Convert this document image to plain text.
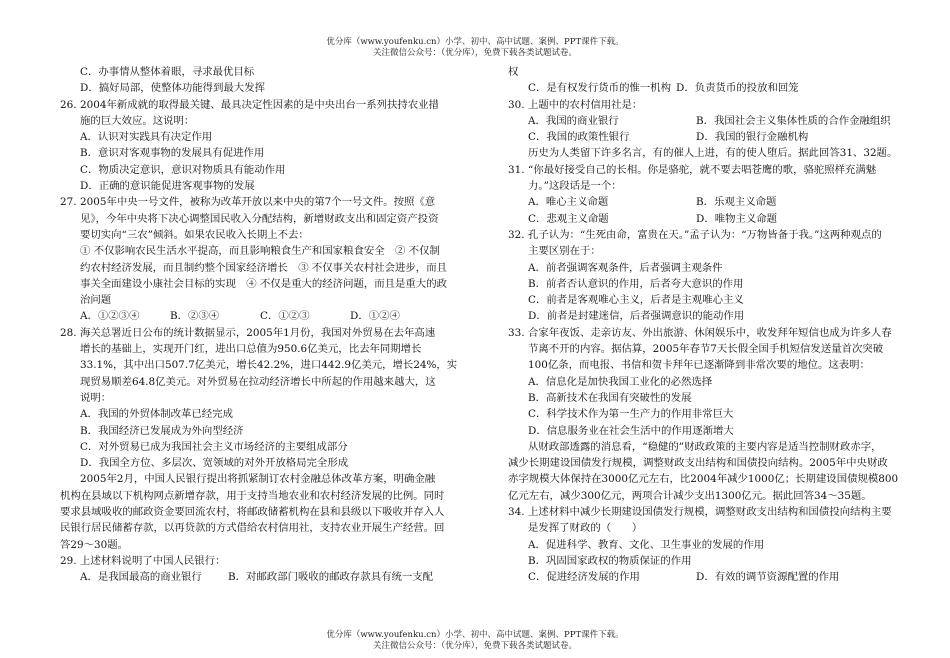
优分库（www.youfenku.cn）小学、初中、高中试题、案例、PPT课件下载。
关注微信公众号：（优分库），免费下载各类试题试卷。
C．办事情从整体着眼，寻求最优目标
D．搞好局部，使整体功能得到最大发挥
26. 2004年新成就的取得最关键、最具决定性因素的是中央出台一系列扶持农业措
施的巨大效应。这说明：
A．认识对实践具有决定作用
B．意识对客观事物的发展具有促进作用
C．物质决定意识，意识对物质具有能动作用
D．正确的意识能促进客观事物的发展
27. 2005年中央一号文件，被称为改革开放以来中央的第7个一号文件。按照《意
见》，今年中央将下决心调整国民收入分配结构，新增财政支出和固定资产投资
要切实向“三农”倾斜。如果农民收入长期上不去：
① 不仅影响农民生活水平提高，而且影响粮食生产和国家粮食安全　② 不仅制
约农村经济发展，而且制约整个国家经济增长　③ 不仅事关农村社会进步，而且
事关全面建设小康社会目标的实现　④ 不仅是重大的经济问题，而且是重大的政
治问题
A．①②③④	B．②③④	C．①②③	D．①②④
28. 海关总署近日公布的统计数据显示，2005年1月份，我国对外贸易在去年高速
增长的基础上，实现开门红，进出口总值为950.6亿美元，比去年同期增长
33.1%，其中出口507.7亿美元，增长42.2%，进口442.9亿美元，增长24%，实
现贸易顺差64.8亿美元。对外贸易在拉动经济增长中所起的作用越来越大，这
说明：
A．我国的外贸体制改革已经完成
B．我国经济已发展成为外向型经济
C．对外贸易已成为我国社会主义市场经济的主要组成部分
D．我国全方位、多层次、宽领域的对外开放格局完全形成
2005年2月，中国人民银行提出将抓紧制订农村金融总体改革方案，明确金融
机构在县域以下机构网点新增存款，用于支持当地农业和农村经济发展的比例。同时
要求县域吸收的邮政资金要回流农村，将邮政储蓄机构在县和县级以下吸收并存入人
民银行居民储蓄存款，以再贷款的方式借给农村信用社，支持农业开展生产经营。回
答29～30题。
29. 上述材料说明了中国人民银行：
A．是我国最高的商业银行	B．对邮政部门吸收的邮政存款具有统一支配
权
C．是有权发行货币的惟一机构 D．负责货币的投放和回笼
30. 上题中的农村信用社是：
A．我国的商业银行	B．我国社会主义集体性质的合作金融组织
C．我国的政策性银行	D．我国的银行金融机构
历史为人类留下许多名言，有的催人上进，有的使人堕后。据此回答31、32题。
31. “你最好接受自己的长相。你是骆驼，就不要去唱苍鹰的歌，骆驼照样充满魅
力。”这段话是一个：
A．唯心主义命题	B．乐观主义命题
C．悲观主义命题	D．唯物主义命题
32. 孔子认为：“生死由命，富贵在天。”孟子认为：“万物皆备于我。”这两种观点的
主要区别在于：
A．前者强调客观条件，后者强调主观条件
B．前者否认意识的作用，后者夸大意识的作用
C．前者是客观唯心主义，后者是主观唯心主义
D．前者是封建迷信，后者强调意识的能动作用
33. 合家年夜饭、走亲访友、外出旅游、休闲娱乐中，收发拜年短信也成为许多人春
节离不开的内容。据估算，2005年春节7天长假全国手机短信发送量首次突破
100亿条，而电报、书信和贺卡拜年已逐渐降到非常次要的地位。这表明：
A．信息化是加快我国工业化的必然选择
B．高新技术在我国有突破性的发展
C．科学技术作为第一生产力的作用非常巨大
D．信息服务业在社会生活中的作用逐渐增大
从财政部透露的消息看，“稳健的”财政政策的主要内容是适当控制财政赤字，
减少长期建设国债发行规模，调整财政支出结构和国债投向结构。2005年中央财政
赤字规模大体保持在3000亿元左右，比2004年减少1000亿；长期建设国债规模800
亿元左右，减少300亿元，两项合计减少支出1300亿元。据此回答34～35题。
34. 上述材料中减少长期建设国债发行规模，调整财政支出结构和国债投向结构主要
是发挥了财政的（　　）
A．促进科学、教育、文化、卫生事业的发展的作用
B．巩固国家政权的物质保证的作用
C．促进经济发展的作用	D．有效的调节资源配置的作用
优分库（www.youfenku.cn）小学、初中、高中试题、案例、PPT课件下载。
关注微信公众号：（优分库），免费下载各类试题试卷。
